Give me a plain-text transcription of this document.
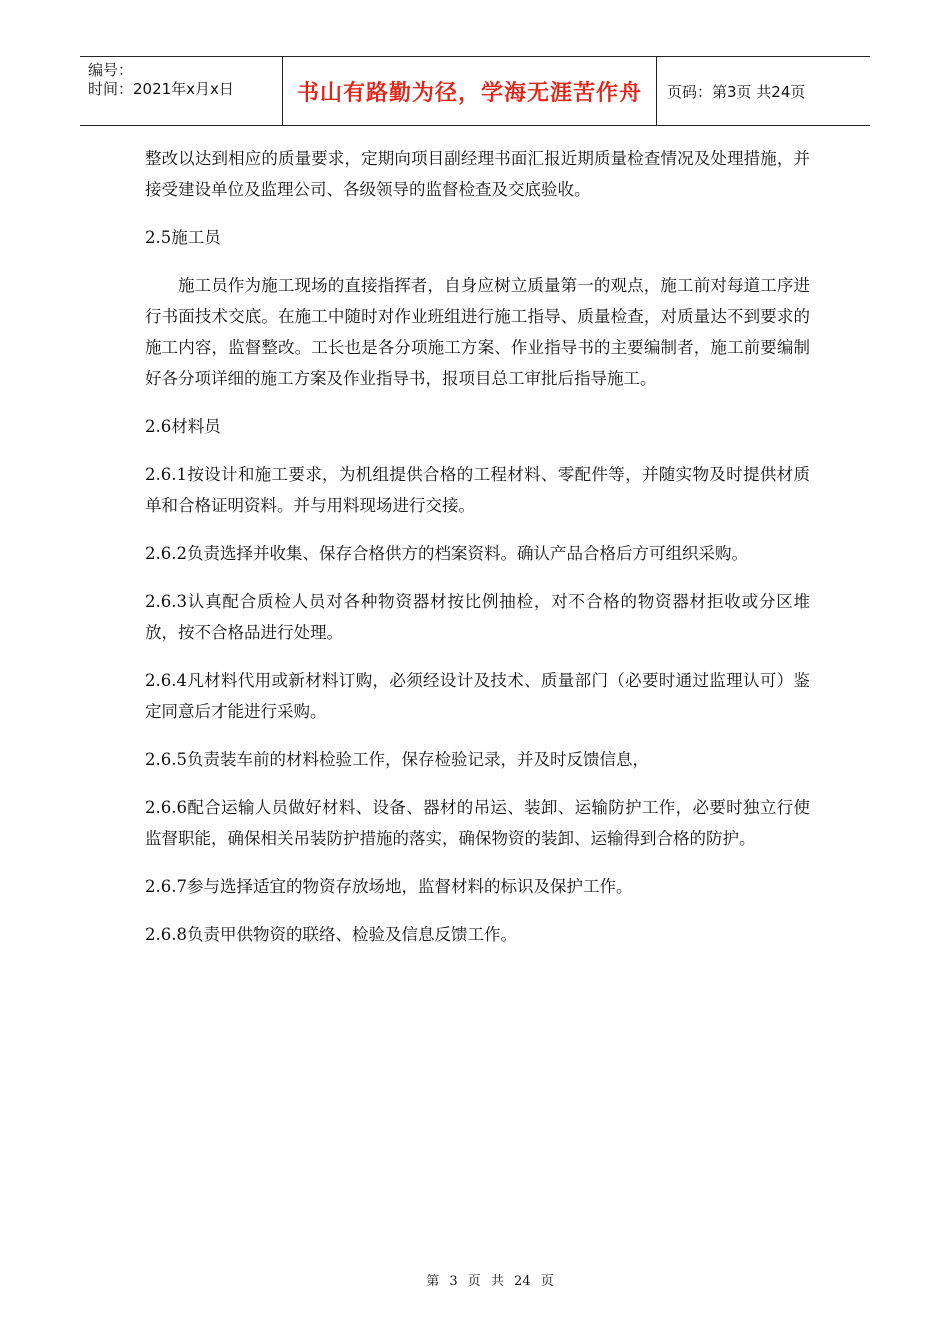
编号：
时间：2021年x月x日	书山有路勤为径，学海无涯苦作舟	页码：第3页 共24页

整改以达到相应的质量要求，定期向项目副经理书面汇报近期质量检查情况及处理措施，并接受建设单位及监理公司、各级领导的监督检查及交底验收。

2.5施工员

施工员作为施工现场的直接指挥者，自身应树立质量第一的观点，施工前对每道工序进行书面技术交底。在施工中随时对作业班组进行施工指导、质量检查，对质量达不到要求的施工内容，监督整改。工长也是各分项施工方案、作业指导书的主要编制者，施工前要编制好各分项详细的施工方案及作业指导书，报项目总工审批后指导施工。

2.6材料员

2.6.1按设计和施工要求，为机组提供合格的工程材料、零配件等，并随实物及时提供材质单和合格证明资料。并与用料现场进行交接。

2.6.2负责选择并收集、保存合格供方的档案资料。确认产品合格后方可组织采购。

2.6.3认真配合质检人员对各种物资器材按比例抽检，对不合格的物资器材拒收或分区堆放，按不合格品进行处理。

2.6.4凡材料代用或新材料订购，必须经设计及技术、质量部门（必要时通过监理认可）鉴定同意后才能进行采购。

2.6.5负责装车前的材料检验工作，保存检验记录，并及时反馈信息，

2.6.6配合运输人员做好材料、设备、器材的吊运、装卸、运输防护工作，必要时独立行使监督职能，确保相关吊装防护措施的落实，确保物资的装卸、运输得到合格的防护。

2.6.7参与选择适宜的物资存放场地，监督材料的标识及保护工作。

2.6.8负责甲供物资的联络、检验及信息反馈工作。

第 3 页 共 24 页
